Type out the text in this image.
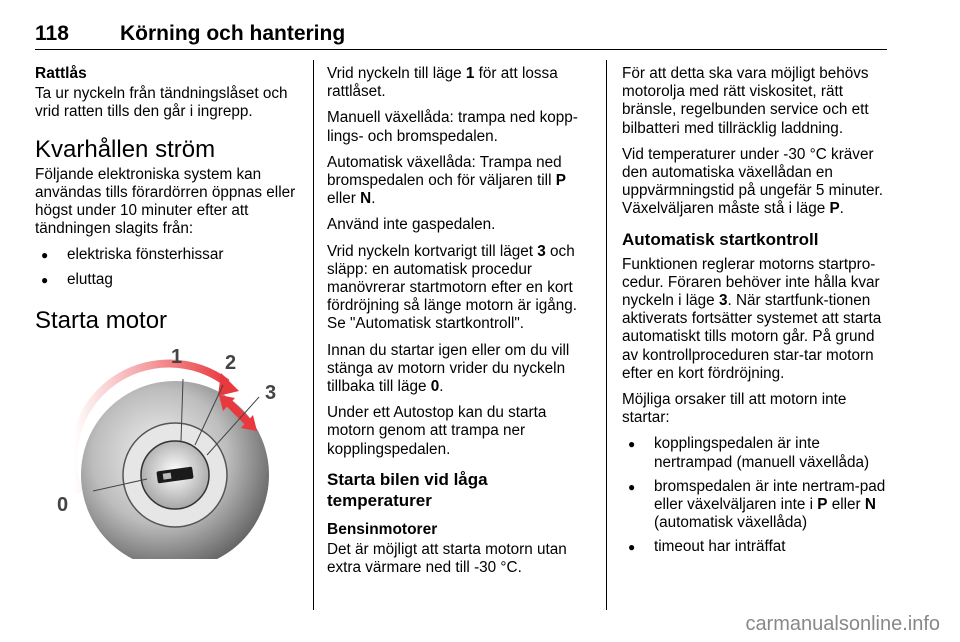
118 Körning och hantering
Rattlås

Ta ur nyckeln från tändningslåset och vrid ratten tills den går i ingrepp.

Kvarhållen ström

Följande elektroniska system kan användas tills förardörren öppnas eller högst under 10 minuter efter att tändningen slagits från:

● elektriska fönsterhissar
● eluttag
Starta motor
0
1 2
3

Vrid nyckeln till läge 1 för att lossa rattlåset.

Manuell växellåda: trampa ned kopp-lings- och bromspedalen.

Automatisk växellåda: Trampa ned bromspedalen och för väljaren till P eller N.

Använd inte gaspedalen.

Vrid nyckeln kortvarigt till läget 3 och släpp: en automatisk procedur manövrerar startmotorn efter en kort fördröjning så länge motorn är igång. Se "Automatisk startkontroll".

Innan du startar igen eller om du vill stänga av motorn vrider du nyckeln tillbaka till läge 0.

Under ett Autostop kan du starta motorn genom att trampa ner kopplingspedalen.

Starta bilen vid låga temperaturer
Bensinmotorer

Det är möjligt att starta motorn utan extra värmare ned till -30 °C.

För att detta ska vara möjligt behövs motorolja med rätt viskositet, rätt bränsle, regelbunden service och ett bilbatteri med tillräcklig laddning.

Vid temperaturer under -30 °C kräver den automatiska växellådan en uppvärmningstid på ungefär 5 minuter. Växelväljaren måste stå i läge P.

Automatisk startkontroll

Funktionen reglerar motorns startpro-cedur. Föraren behöver inte hålla kvar nyckeln i läge 3. När startfunk-tionen aktiverats fortsätter systemet att starta automatiskt tills motorn går. På grund av kontrollproceduren star-tar motorn efter en kort fördröjning.

Möjliga orsaker till att motorn inte startar:

● kopplingspedalen är inte nertrampad (manuell växellåda)
● bromspedalen är inte nertram-pad eller växelväljaren inte i P eller N (automatisk växellåda)
● timeout har inträffat
carmanualsonline.info
